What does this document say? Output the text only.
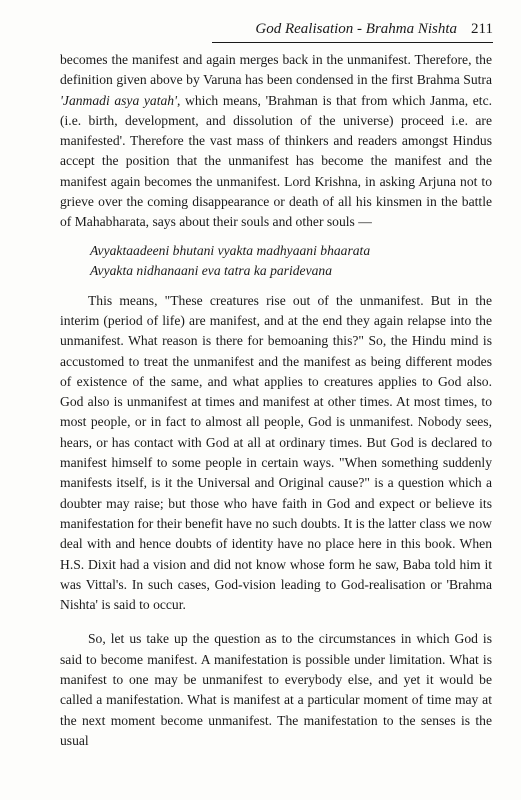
God Realisation - Brahma Nishta 211

becomes the manifest and again merges back in the unmanifest. Therefore, the definition given above by Varuna has been condensed in the first Brahma Sutra 'Janmadi asya yatah', which means, 'Brahman is that from which Janma, etc. (i.e. birth, development, and dissolution of the universe) proceed i.e. are manifested'. Therefore the vast mass of thinkers and readers amongst Hindus accept the position that the unmanifest has become the manifest and the manifest again becomes the unmanifest. Lord Krishna, in asking Arjuna not to grieve over the coming disappearance or death of all his kinsmen in the battle of Mahabharata, says about their souls and other souls —

Avyaktaadeeni bhutani vyakta madhyaani bhaarata
Avyakta nidhanaani eva tatra ka paridevana

This means, "These creatures rise out of the unmanifest. But in the interim (period of life) are manifest, and at the end they again relapse into the unmanifest. What reason is there for bemoaning this?" So, the Hindu mind is accustomed to treat the unmanifest and the manifest as being different modes of existence of the same, and what applies to creatures applies to God also. God also is unmanifest at times and manifest at other times. At most times, to most people, or in fact to almost all people, God is unmanifest. Nobody sees, hears, or has contact with God at all at ordinary times. But God is declared to manifest himself to some people in certain ways. "When something suddenly manifests itself, is it the Universal and Original cause?" is a question which a doubter may raise; but those who have faith in God and expect or believe its manifestation for their benefit have no such doubts. It is the latter class we now deal with and hence doubts of identity have no place here in this book. When H.S. Dixit had a vision and did not know whose form he saw, Baba told him it was Vittal's. In such cases, God-vision leading to God-realisation or 'Brahma Nishta' is said to occur.

So, let us take up the question as to the circumstances in which God is said to become manifest. A manifestation is possible under limitation. What is manifest to one may be unmanifest to everybody else, and yet it would be called a manifestation. What is manifest at a particular moment of time may at the next moment become unmanifest. The manifestation to the senses is the usual
